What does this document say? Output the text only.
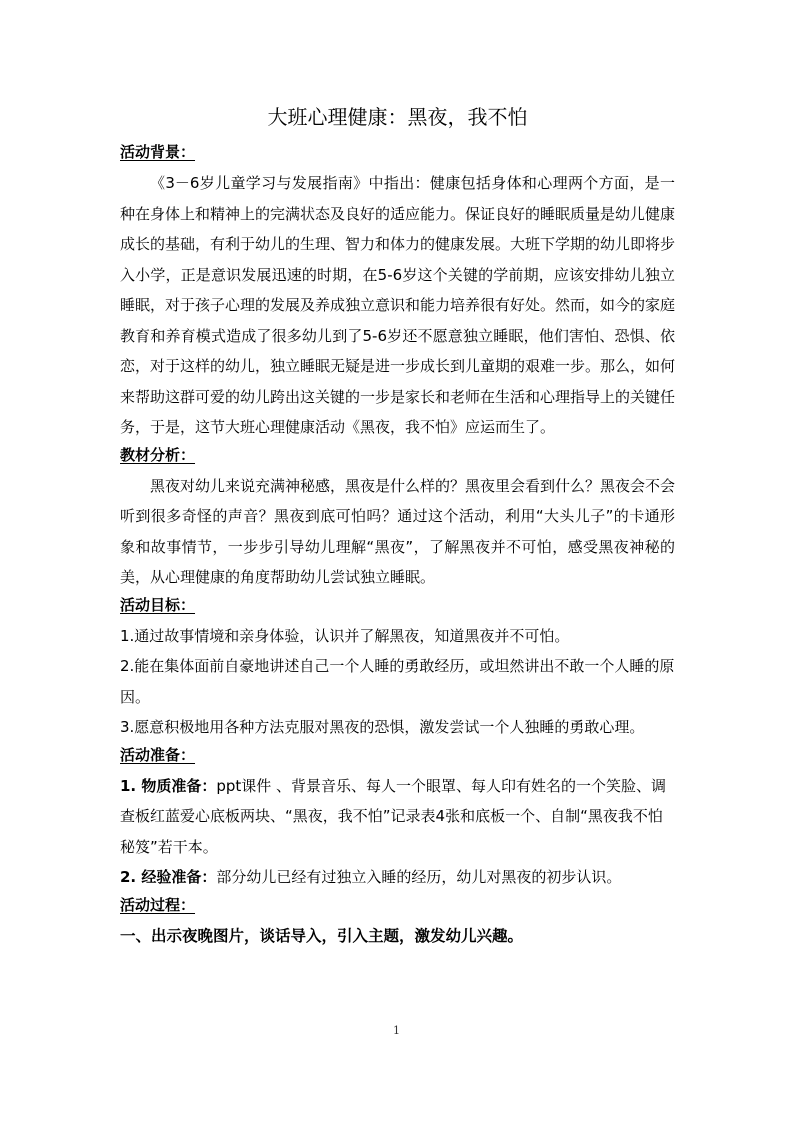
大班心理健康：黑夜，我不怕
活动背景：

《3－6岁儿童学习与发展指南》中指出：健康包括身体和心理两个方面，是一种在身体上和精神上的完满状态及良好的适应能力。保证良好的睡眠质量是幼儿健康成长的基础，有利于幼儿的生理、智力和体力的健康发展。大班下学期的幼儿即将步入小学，正是意识发展迅速的时期，在5-6岁这个关键的学前期，应该安排幼儿独立睡眠，对于孩子心理的发展及养成独立意识和能力培养很有好处。然而，如今的家庭教育和养育模式造成了很多幼儿到了5-6岁还不愿意独立睡眠，他们害怕、恐惧、依恋，对于这样的幼儿，独立睡眠无疑是进一步成长到儿童期的艰难一步。那么，如何来帮助这群可爱的幼儿跨出这关键的一步是家长和老师在生活和心理指导上的关键任务，于是，这节大班心理健康活动《黑夜，我不怕》应运而生了。

教材分析：

黑夜对幼儿来说充满神秘感，黑夜是什么样的？黑夜里会看到什么？黑夜会不会听到很多奇怪的声音？黑夜到底可怕吗？通过这个活动，利用“大头儿子”的卡通形象和故事情节，一步步引导幼儿理解“黑夜”，了解黑夜并不可怕，感受黑夜神秘的美，从心理健康的角度帮助幼儿尝试独立睡眠。

活动目标：

1.通过故事情境和亲身体验，认识并了解黑夜，知道黑夜并不可怕。

2.能在集体面前自豪地讲述自己一个人睡的勇敢经历，或坦然讲出不敢一个人睡的原因。

3.愿意积极地用各种方法克服对黑夜的恐惧，激发尝试一个人独睡的勇敢心理。

活动准备：

1. 物质准备：ppt课件 、背景音乐、每人一个眼罩、每人印有姓名的一个笑脸、调查板红蓝爱心底板两块、“黑夜，我不怕”记录表4张和底板一个、自制“黑夜我不怕秘笈”若干本。

2. 经验准备：部分幼儿已经有过独立入睡的经历，幼儿对黑夜的初步认识。

活动过程：

一、出示夜晚图片，谈话导入，引入主题，激发幼儿兴趣。

1
